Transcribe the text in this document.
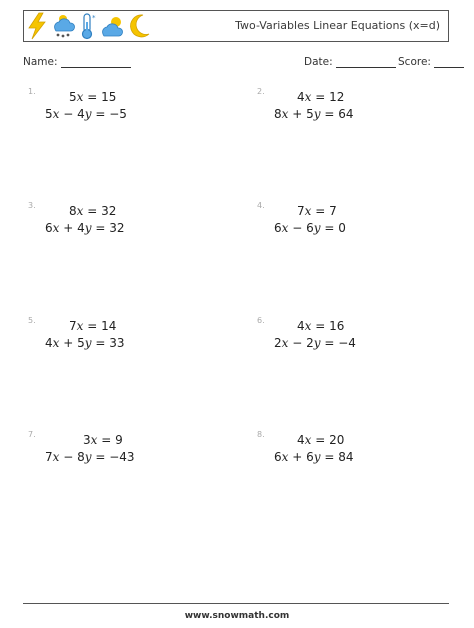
*
Two-Variables Linear Equations (x=d)
Name:	Date:	Score:
1.	5x = 15
5x − 4y = −5
2.	4x = 12
8x + 5y = 64
3.	8x = 32
6x + 4y = 32
4.	7x = 7
6x − 6y = 0
5.	7x = 14
4x + 5y = 33
6.	4x = 16
2x − 2y = −4
7.	3x = 9
7x − 8y = −43
8.	4x = 20
6x + 6y = 84
www.snowmath.com
